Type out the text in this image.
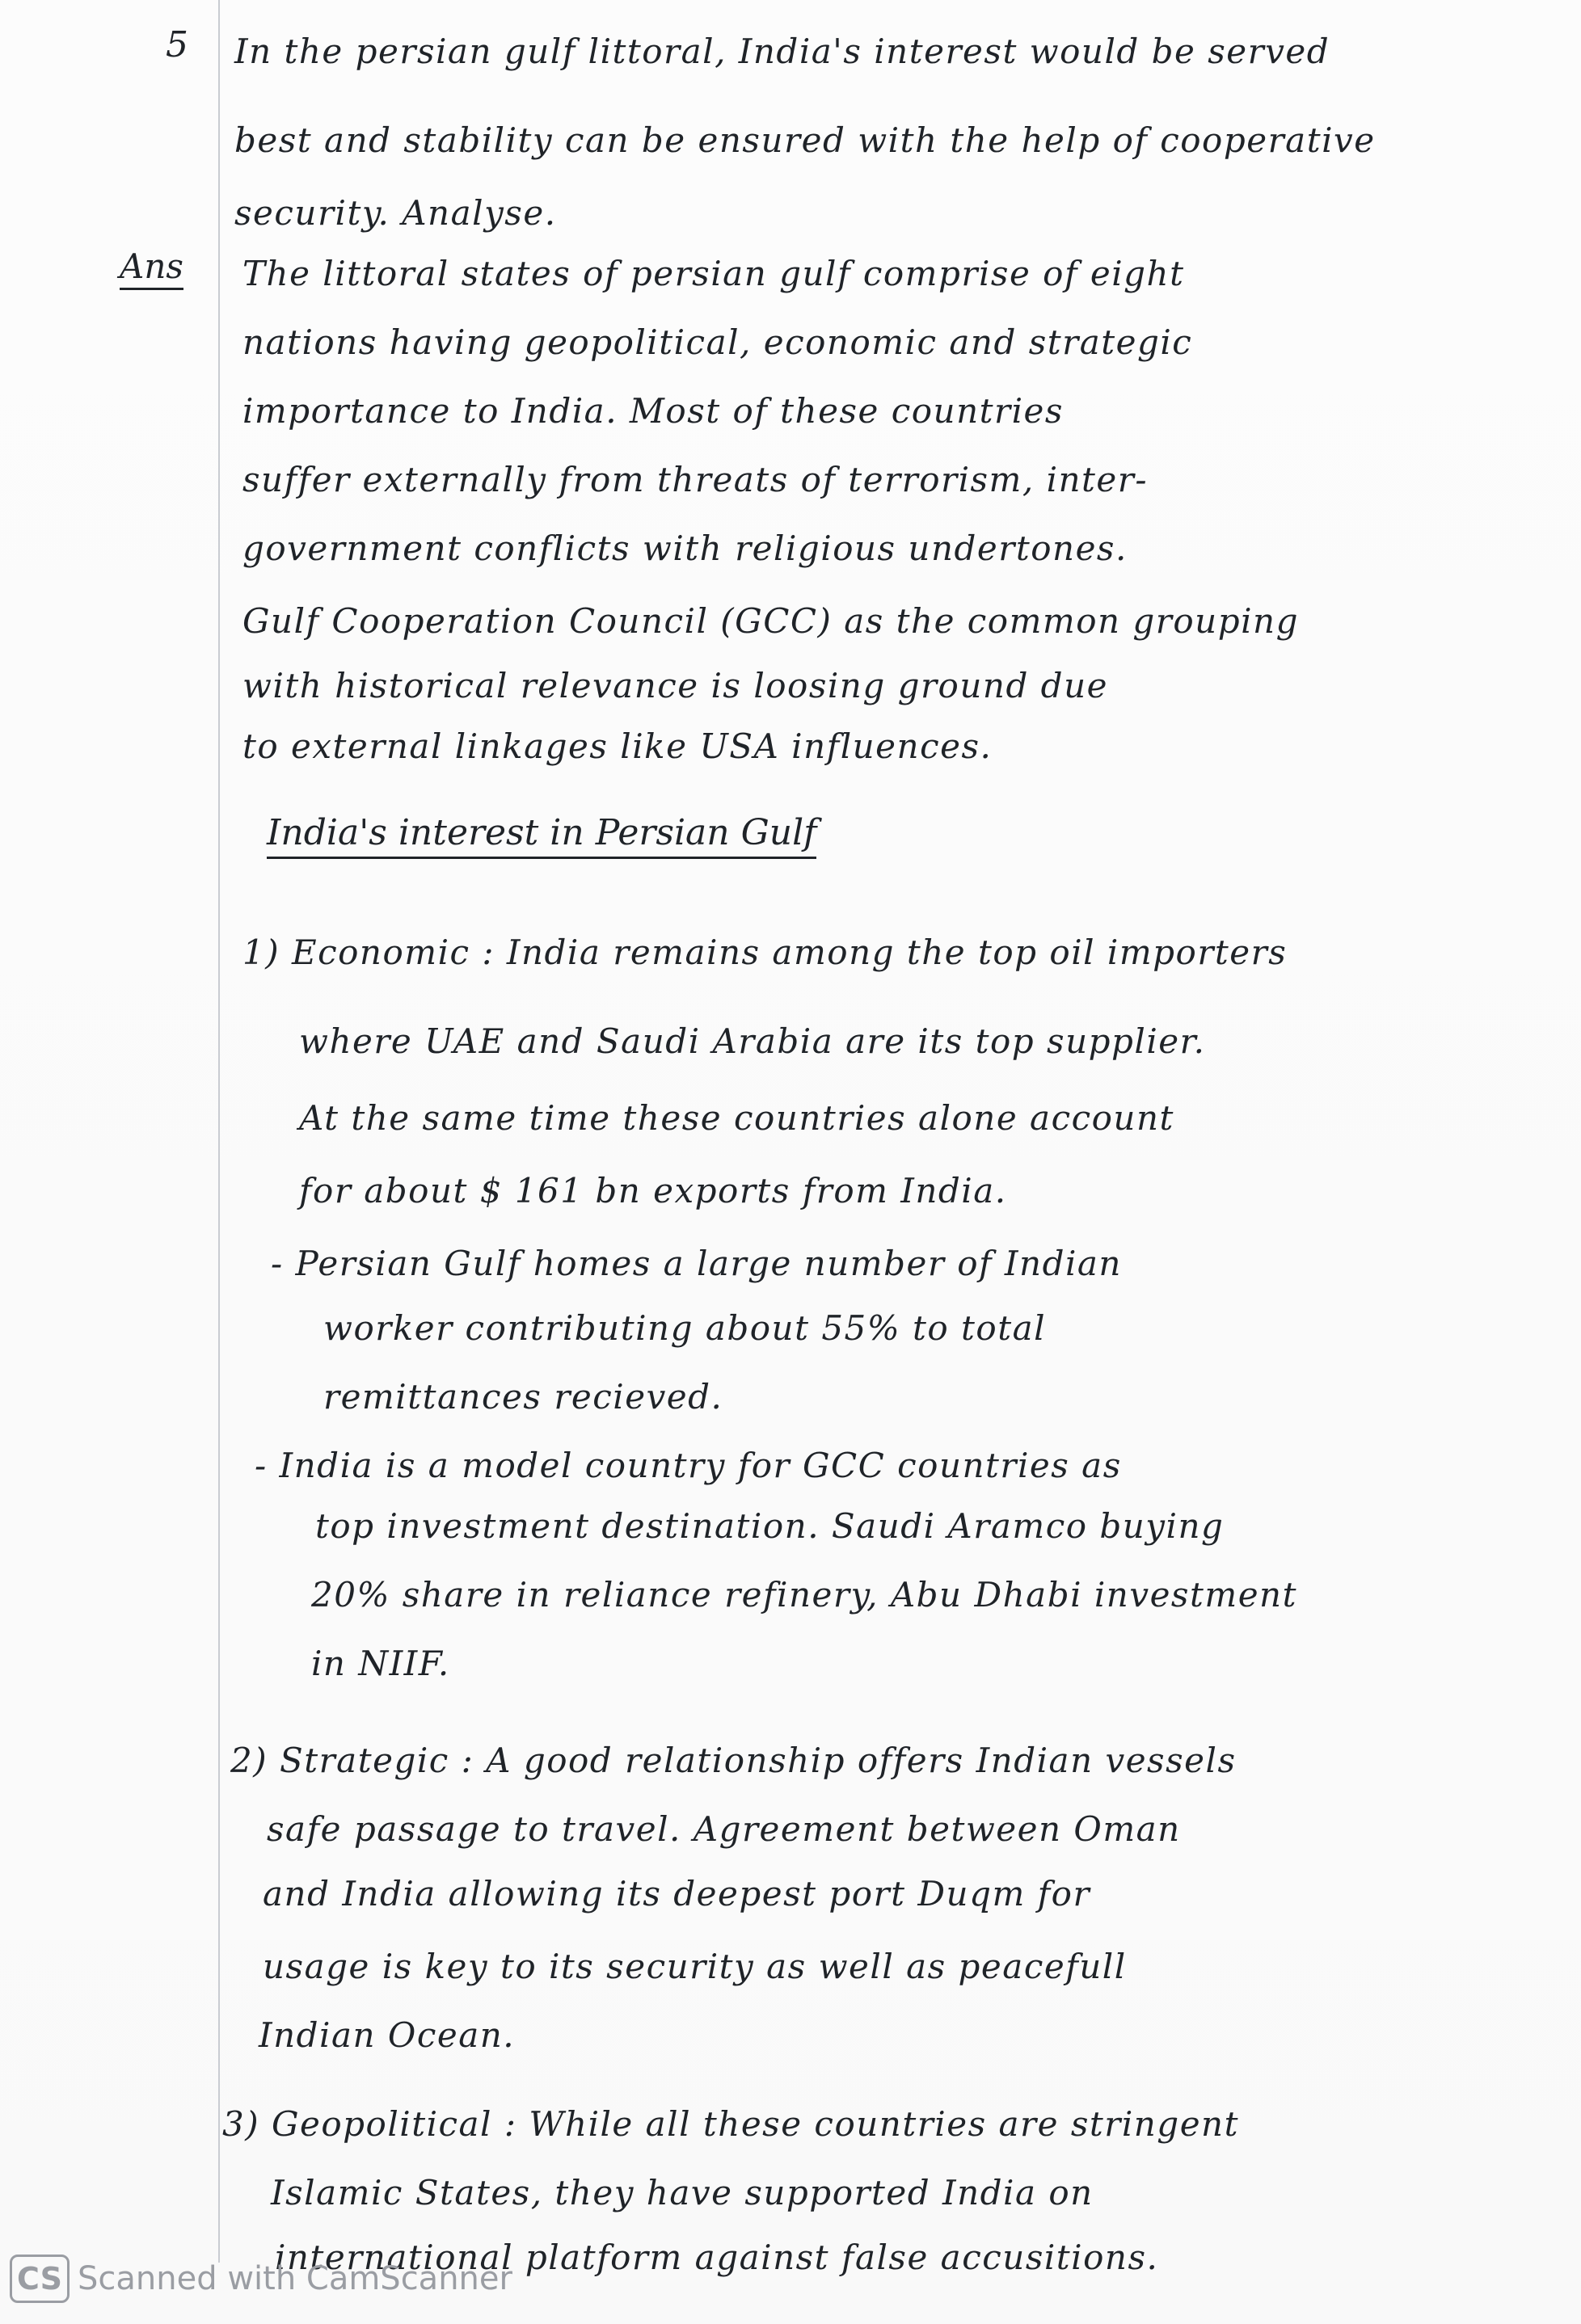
5 In the persian gulf littoral, India's interest would be served
best and stability can be ensured with the help of cooperative
security. Analyse.
Ans The littoral states of persian gulf comprise of eight
nations having geopolitical, economic and strategic
importance to India. Most of these countries
suffer externally from threats of terrorism, inter-
government conflicts with religious undertones.
Gulf Cooperation Council (GCC) as the common grouping
with historical relevance is loosing ground due
to external linkages like USA influences.
India's interest in Persian Gulf
1) Economic : India remains among the top oil importers
where UAE and Saudi Arabia are its top supplier.
At the same time these countries alone account
for about $ 161 bn exports from India.
- Persian Gulf homes a large number of Indian
worker contributing about 55% to total
remittances recieved.
- India is a model country for GCC countries as
top investment destination. Saudi Aramco buying
20% share in reliance refinery, Abu Dhabi investment
in NIIF.
2) Strategic : A good relationship offers Indian vessels
safe passage to travel. Agreement between Oman
and India allowing its deepest port Duqm for
usage is key to its security as well as peacefull
Indian Ocean.
3) Geopolitical : While all these countries are stringent
Islamic States, they have supported India on
international platform against false accusitions.
CS Scanned with CamScanner
